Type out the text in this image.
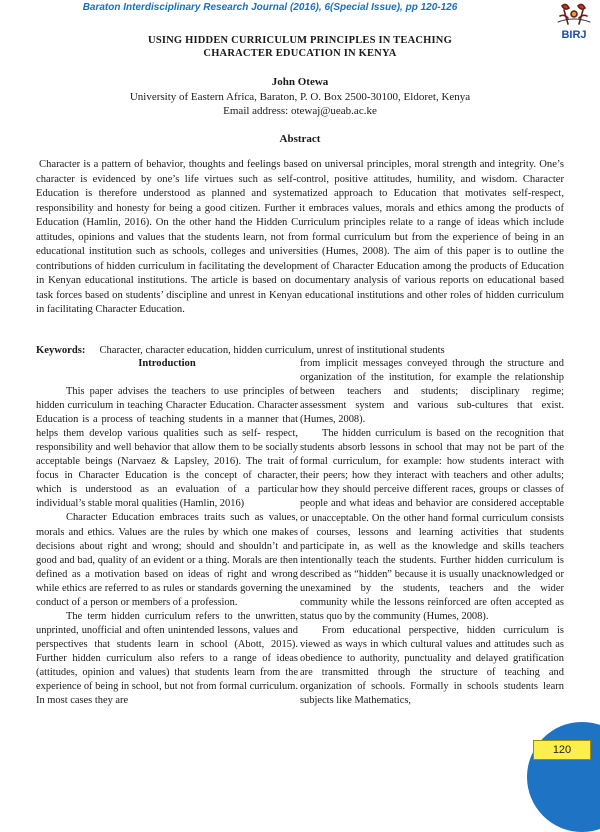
Baraton Interdisciplinary Research Journal (2016), 6(Special Issue), pp 120-126
BIRJ
USING HIDDEN CURRICULUM PRINCIPLES IN TEACHING
CHARACTER EDUCATION IN KENYA
John Otewa
University of Eastern Africa, Baraton, P. O. Box 2500-30100, Eldoret, Kenya
Email address: otewaj@ueab.ac.ke
Abstract

Character is a pattern of behavior, thoughts and feelings based on universal principles, moral strength and integrity. One’s character is evidenced by one’s life virtues such as self-control, positive attitudes, humility, and wisdom. Character Education is therefore understood as planned and systematized approach to Education that motivates self-respect, responsibility and honesty for being a good citizen. Further it embraces values, morals and ethics among the products of Education (Hamlin, 2016). On the other hand the Hidden Curriculum principles relate to a range of ideas which include attitudes, opinions and values that the students learn, not from formal curriculum but from the experience of being in an educational institution such as schools, colleges and universities (Humes, 2008). The aim of this paper is to outline the contributions of hidden curriculum in facilitating the development of Character Education among the products of Education in Kenyan educational institutions. The article is based on documentary analysis of various reports on educational based task forces based on students’ discipline and unrest in Kenyan educational institutions and other roles of hidden curriculum in facilitating Character Education.

Keywords: Character, character education, hidden curriculum, unrest of institutional students

Introduction

This paper advises the teachers to use principles of hidden curriculum in teaching Character Education. Character Education is a process of teaching students in a manner that helps them develop various qualities such as self- respect, responsibility and well behavior that allow them to be socially acceptable beings (Narvaez & Lapsley, 2016). The trait of focus in Character Education is the concept of character, which is understood as an evaluation of a particular individual’s stable moral qualities (Hamlin, 2016)

Character Education embraces traits such as values, morals and ethics. Values are the rules by which one makes decisions about right and wrong; should and shouldn’t and good and bad, quality of an evident or a thing. Morals are then defined as a motivation based on ideas of right and wrong while ethics are referred to as rules or standards governing the conduct of a person or members of a profession.

The term hidden curriculum refers to the unwritten, unprinted, unofficial and often unintended lessons, values and perspectives that students learn in school (Abott, 2015). Further hidden curriculum also refers to a range of ideas (attitudes, opinion and values) that students learn from the experience of being in school, but not from formal curriculum. In most cases they are

from implicit messages conveyed through the structure and organization of the institution, for example the relationship between teachers and students; disciplinary regime; assessment system and various sub-cultures that exist. (Humes, 2008).

The hidden curriculum is based on the recognition that students absorb lessons in school that may not be part of the formal curriculum, for example: how students interact with their peers; how they interact with teachers and other adults; how they should perceive different races, groups or classes of people and what ideas and behavior are considered acceptable or unacceptable. On the other hand formal curriculum consists of courses, lessons and learning activities that students participate in, as well as the knowledge and skills teachers intentionally teach the students. Further hidden curriculum is described as “hidden” because it is usually unacknowledged or unexamined by the students, teachers and the wider community while the lessons reinforced are often accepted as status quo by the community (Humes, 2008).

From educational perspective, hidden curriculum is viewed as ways in which cultural values and attitudes such as obedience to authority, punctuality and delayed gratification are transmitted through the structure of teaching and organization of schools. Formally in schools students learn subjects like Mathematics,

120
